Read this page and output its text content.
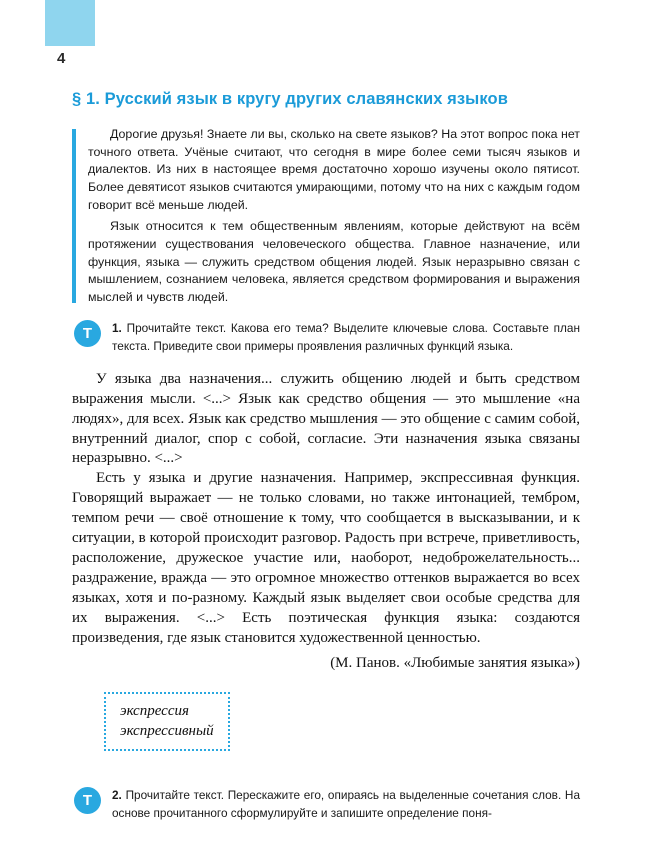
4
§ 1. Русский язык в кругу других славянских языков

Дорогие друзья! Знаете ли вы, сколько на свете языков? На этот вопрос пока нет точного ответа. Учёные считают, что сегодня в мире более семи тысяч языков и диалектов. Из них в настоящее время достаточно хорошо изучены около пятисот. Более девятисот языков считаются умирающими, потому что на них с каждым годом говорит всё меньше людей.

Язык относится к тем общественным явлениям, которые действуют на всём протяжении существования человеческого общества. Главное назначение, или функция, языка — служить средством общения людей. Язык неразрывно связан с мышлением, сознанием человека, является средством формирования и выражения мыслей и чувств людей.

Т	1. Прочитайте текст. Какова его тема? Выделите ключевые слова. Составьте план текста. Приведите свои примеры проявления различных функций языка.

У языка два назначения... служить общению людей и быть средством выражения мысли. <...> Язык как средство общения — это мышление «на людях», для всех. Язык как средство мышления — это общение с самим собой, внутренний диалог, спор с собой, согласие. Эти назначения языка связаны неразрывно. <...>

Есть у языка и другие назначения. Например, экспрессивная функция. Говорящий выражает — не только словами, но также интонацией, тембром, темпом речи — своё отношение к тому, что сообщается в высказывании, и к ситуации, в которой происходит разговор. Радость при встрече, приветливость, расположение, дружеское участие или, наоборот, недоброжелательность... раздражение, вражда — это огромное множество оттенков выражается во всех языках, хотя и по-разному. Каждый язык выделяет свои особые средства для их выражения. <...> Есть поэтическая функция языка: создаются произведения, где язык становится художественной ценностью.

(М. Панов. «Любимые занятия языка»)
экспрессия
экспрессивный
Т	2. Прочитайте текст. Перескажите его, опираясь на выделенные сочетания слов. На основе прочитанного сформулируйте и запишите определение поня-
